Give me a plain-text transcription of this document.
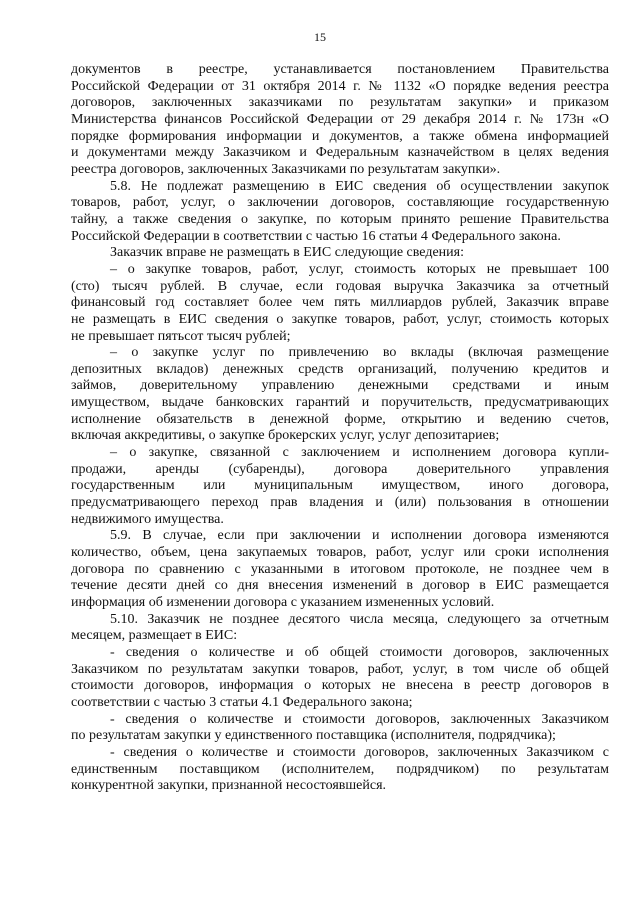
15
документов в реестре, устанавливается постановлением Правительства
Российской Федерации от 31 октября 2014 г. № 1132 «О порядке ведения реестра
договоров, заключенных заказчиками по результатам закупки» и приказом
Министерства финансов Российской Федерации от 29 декабря 2014 г. № 173н «О
порядке формирования информации и документов, а также обмена информацией
и документами между Заказчиком и Федеральным казначейством в целях ведения
реестра договоров, заключенных Заказчиками по результатам закупки».
5.8. Не подлежат размещению в ЕИС сведения об осуществлении закупок
товаров, работ, услуг, о заключении договоров, составляющие государственную
тайну, а также сведения о закупке, по которым принято решение Правительства
Российской Федерации в соответствии с частью 16 статьи 4 Федерального закона.
Заказчик вправе не размещать в ЕИС следующие сведения:
– о закупке товаров, работ, услуг, стоимость которых не превышает 100
(сто) тысяч рублей. В случае, если годовая выручка Заказчика за отчетный
финансовый год составляет более чем пять миллиардов рублей, Заказчик вправе
не размещать в ЕИС сведения о закупке товаров, работ, услуг, стоимость которых
не превышает пятьсот тысяч рублей;
– о закупке услуг по привлечению во вклады (включая размещение
депозитных вкладов) денежных средств организаций, получению кредитов и
займов, доверительному управлению денежными средствами и иным
имуществом, выдаче банковских гарантий и поручительств, предусматривающих
исполнение обязательств в денежной форме, открытию и ведению счетов,
включая аккредитивы, о закупке брокерских услуг, услуг депозитариев;
– о закупке, связанной с заключением и исполнением договора купли-
продажи, аренды (субаренды), договора доверительного управления
государственным или муниципальным имуществом, иного договора,
предусматривающего переход прав владения и (или) пользования в отношении
недвижимого имущества.
5.9. В случае, если при заключении и исполнении договора изменяются
количество, объем, цена закупаемых товаров, работ, услуг или сроки исполнения
договора по сравнению с указанными в итоговом протоколе, не позднее чем в
течение десяти дней со дня внесения изменений в договор в ЕИС размещается
информация об изменении договора с указанием измененных условий.
5.10. Заказчик не позднее десятого числа месяца, следующего за отчетным
месяцем, размещает в ЕИС:
- сведения о количестве и об общей стоимости договоров, заключенных
Заказчиком по результатам закупки товаров, работ, услуг, в том числе об общей
стоимости договоров, информация о которых не внесена в реестр договоров в
соответствии с частью 3 статьи 4.1 Федерального закона;
- сведения о количестве и стоимости договоров, заключенных Заказчиком
по результатам закупки у единственного поставщика (исполнителя, подрядчика);
- сведения о количестве и стоимости договоров, заключенных Заказчиком с
единственным поставщиком (исполнителем, подрядчиком) по результатам
конкурентной закупки, признанной несостоявшейся.
